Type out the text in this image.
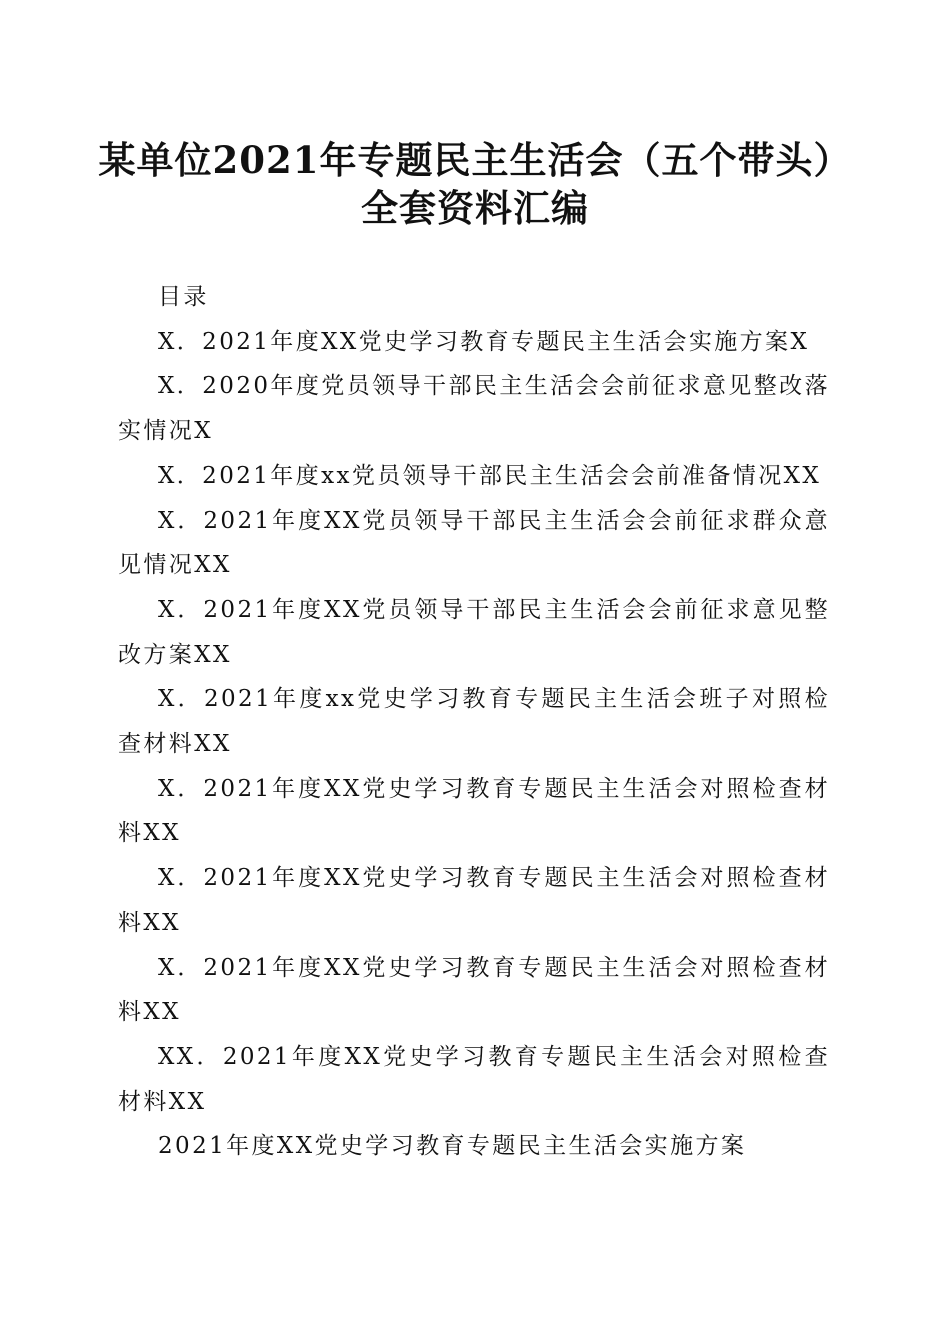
某单位2021年专题民主生活会（五个带头）
全套资料汇编

目录

X．2021年度XX党史学习教育专题民主生活会实施方案X

X．2020年度党员领导干部民主生活会会前征求意见整改落实情况X

X．2021年度xx党员领导干部民主生活会会前准备情况XX

X．2021年度XX党员领导干部民主生活会会前征求群众意见情况XX

X．2021年度XX党员领导干部民主生活会会前征求意见整改方案XX

X．2021年度xx党史学习教育专题民主生活会班子对照检查材料XX

X．2021年度XX党史学习教育专题民主生活会对照检查材料XX

X．2021年度XX党史学习教育专题民主生活会对照检查材料XX

X．2021年度XX党史学习教育专题民主生活会对照检查材料XX

XX．2021年度XX党史学习教育专题民主生活会对照检查材料XX

2021年度XX党史学习教育专题民主生活会实施方案
